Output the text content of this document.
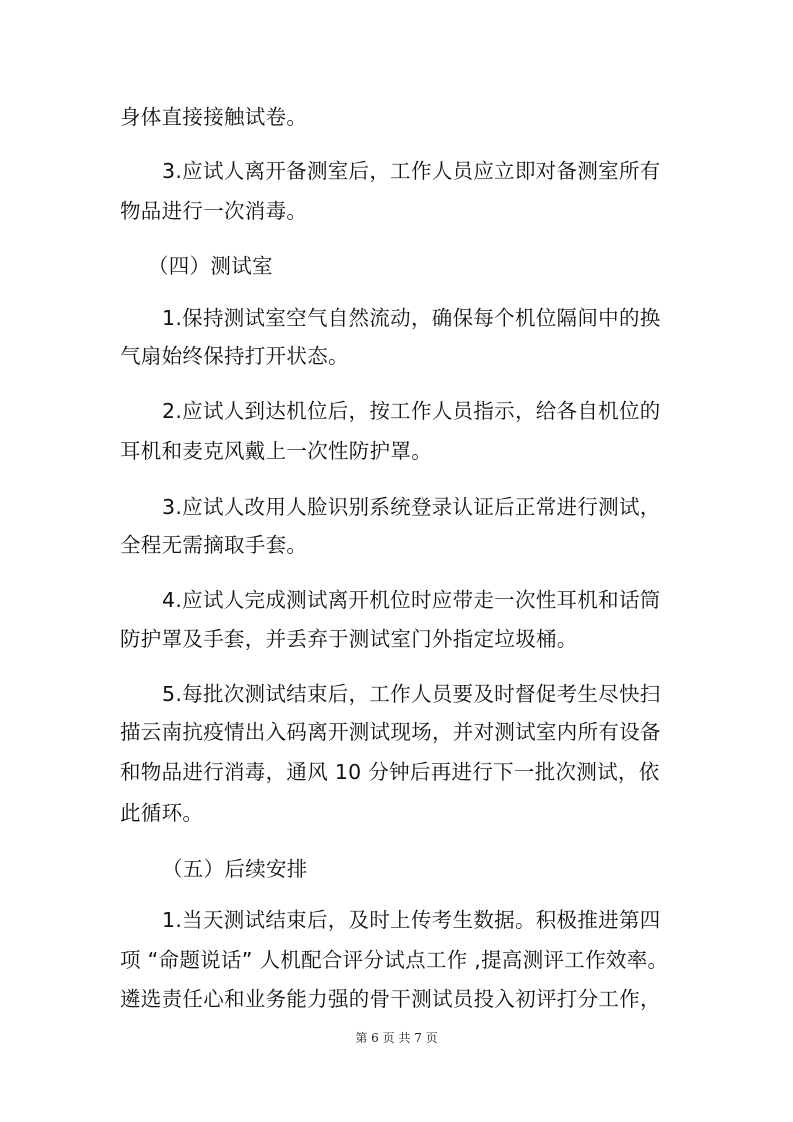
身体直接接触试卷。
3.应试人离开备测室后，工作人员应立即对备测室所有
物品进行一次消毒。
（四）测试室
1.保持测试室空气自然流动，确保每个机位隔间中的换
气扇始终保持打开状态。
2.应试人到达机位后，按工作人员指示，给各自机位的
耳机和麦克风戴上一次性防护罩。
3.应试人改用人脸识别系统登录认证后正常进行测试，
全程无需摘取手套。
4.应试人完成测试离开机位时应带走一次性耳机和话筒
防护罩及手套，并丢弃于测试室门外指定垃圾桶。
5.每批次测试结束后，工作人员要及时督促考生尽快扫
描云南抗疫情出入码离开测试现场，并对测试室内所有设备
和物品进行消毒，通风 10 分钟后再进行下一批次测试，依
此循环。
（五）后续安排
1.当天测试结束后，及时上传考生数据。积极推进第四
项 “命题说话” 人机配合评分试点工作 ,提高测评工作效率。
遴选责任心和业务能力强的骨干测试员投入初评打分工作，
第 6 页 共 7 页
